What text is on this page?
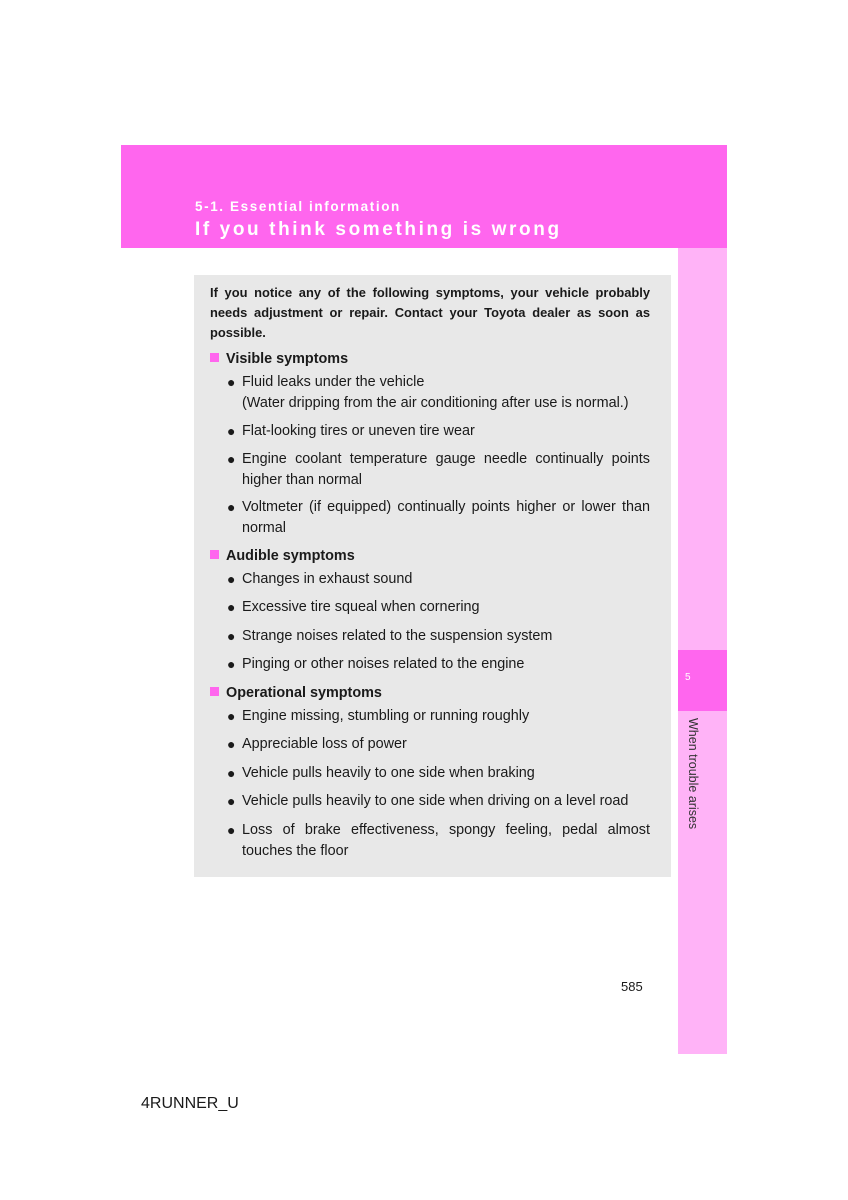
5-1. Essential information

If you think something is wrong
5
When trouble arises

If you notice any of the following symptoms, your vehicle probably needs adjustment or repair. Contact your Toyota dealer as soon as possible.

Visible symptoms
● Fluid leaks under the vehicle
(Water dripping from the air conditioning after use is normal.)
● Flat-looking tires or uneven tire wear
● Engine coolant temperature gauge needle continually points higher than normal
● Voltmeter (if equipped) continually points higher or lower than normal
Audible symptoms
● Changes in exhaust sound
● Excessive tire squeal when cornering
● Strange noises related to the suspension system
● Pinging or other noises related to the engine
Operational symptoms
● Engine missing, stumbling or running roughly
● Appreciable loss of power
● Vehicle pulls heavily to one side when braking
● Vehicle pulls heavily to one side when driving on a level road
● Loss of brake effectiveness, spongy feeling, pedal almost touches the floor
585
4RUNNER_U
